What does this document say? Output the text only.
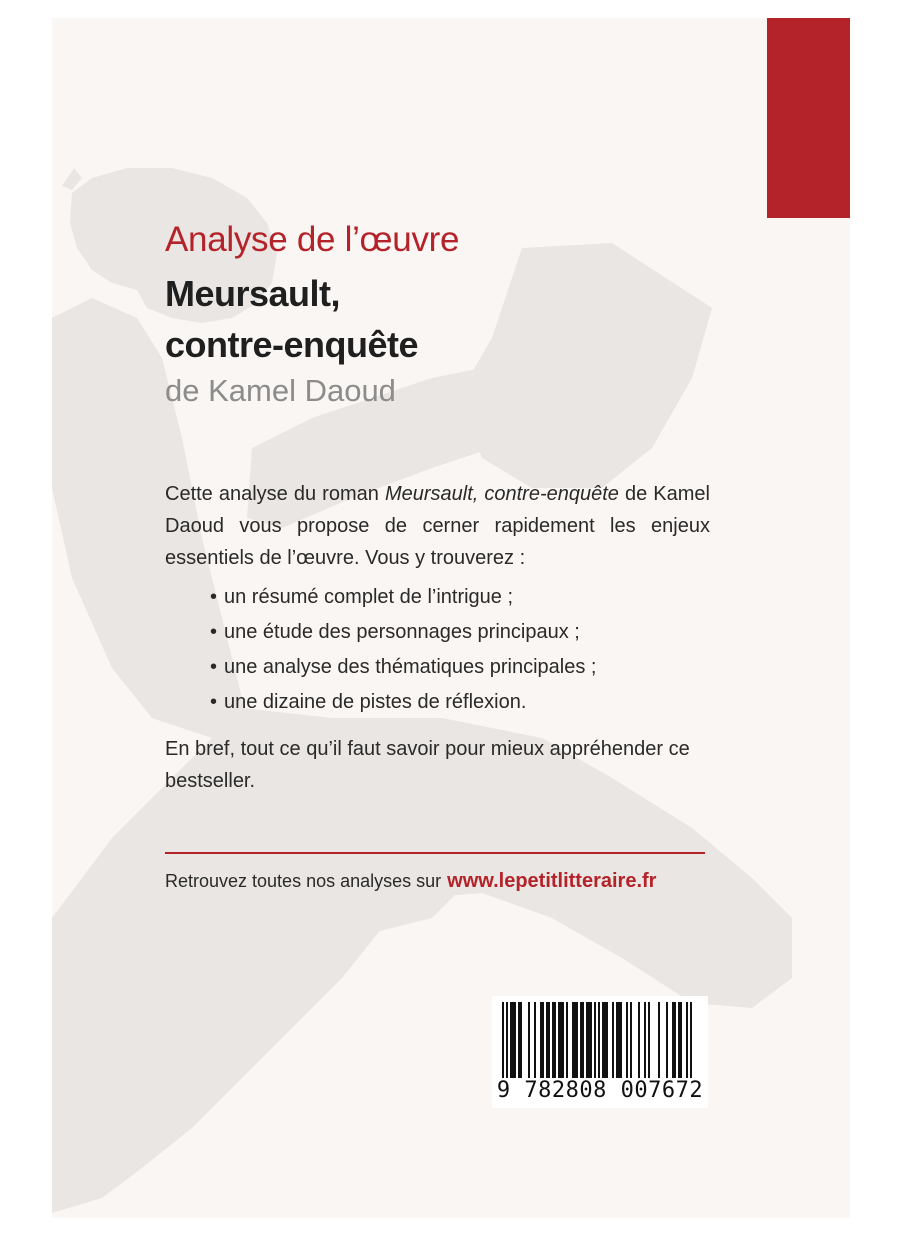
Analyse de l’œuvre

Meursault,
contre-enquête

de Kamel Daoud

Cette analyse du roman Meursault, contre-enquête de Kamel Daoud vous propose de cerner rapidement les enjeux essentiels de l’œuvre. Vous y trouverez :

• un résumé complet de l’intrigue ;
• une étude des personnages principaux ;
• une analyse des thématiques principales ;
• une dizaine de pistes de réflexion.

En bref, tout ce qu’il faut savoir pour mieux appréhender ce bestseller.

Retrouvez toutes nos analyses sur www.lepetitlitteraire.fr

9 782808 007672
